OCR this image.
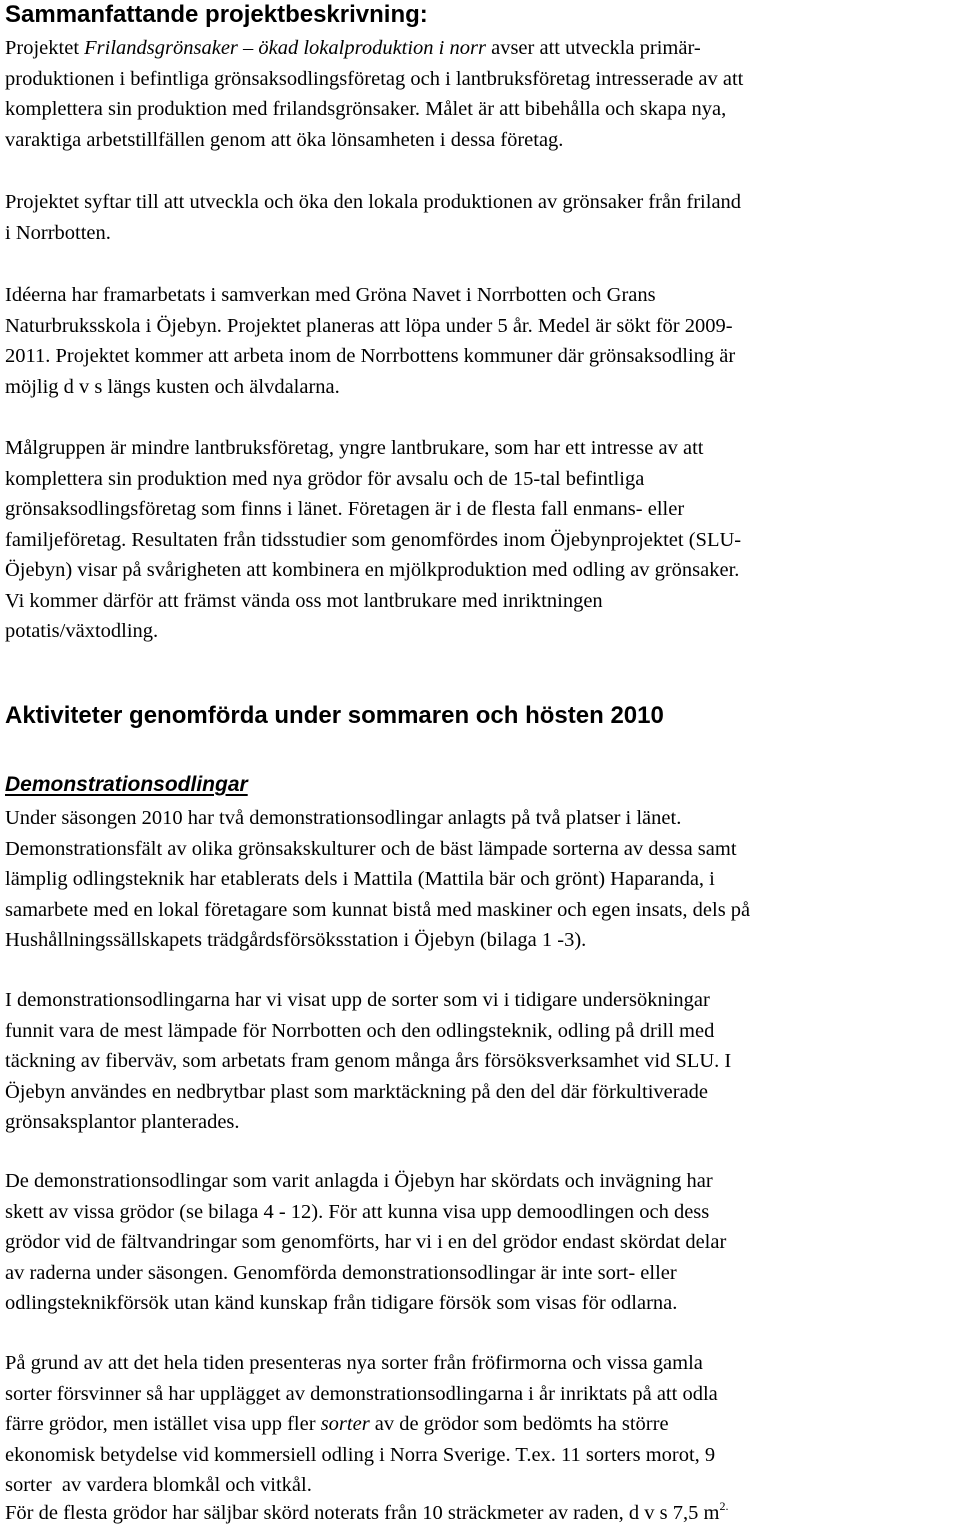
Sammanfattande projektbeskrivning:

Projektet Frilandsgrönsaker – ökad lokalproduktion i norr avser att utveckla primär-
produktionen i befintliga grönsaksodlingsföretag och i lantbruksföretag intresserade av att
komplettera sin produktion med frilandsgrönsaker. Målet är att bibehålla och skapa nya,
varaktiga arbetstillfällen genom att öka lönsamheten i dessa företag.

Projektet syftar till att utveckla och öka den lokala produktionen av grönsaker från friland
i Norrbotten.

Idéerna har framarbetats i samverkan med Gröna Navet i Norrbotten och Grans
Naturbruksskola i Öjebyn. Projektet planeras att löpa under 5 år. Medel är sökt för 2009-
2011. Projektet kommer att arbeta inom de Norrbottens kommuner där grönsaksodling är
möjlig d v s längs kusten och älvdalarna.

Målgruppen är mindre lantbruksföretag, yngre lantbrukare, som har ett intresse av att
komplettera sin produktion med nya grödor för avsalu och de 15-tal befintliga
grönsaksodlingsföretag som finns i länet. Företagen är i de flesta fall enmans- eller
familjeföretag. Resultaten från tidsstudier som genomfördes inom Öjebynprojektet (SLU-
Öjebyn) visar på svårigheten att kombinera en mjölkproduktion med odling av grönsaker.
Vi kommer därför att främst vända oss mot lantbrukare med inriktningen
potatis/växtodling.

Aktiviteter genomförda under sommaren och hösten 2010
Demonstrationsodlingar

Under säsongen 2010 har två demonstrationsodlingar anlagts på två platser i länet.
Demonstrationsfält av olika grönsakskulturer och de bäst lämpade sorterna av dessa samt
lämplig odlingsteknik har etablerats dels i Mattila (Mattila bär och grönt) Haparanda, i
samarbete med en lokal företagare som kunnat bistå med maskiner och egen insats, dels på
Hushållningssällskapets trädgårdsförsöksstation i Öjebyn (bilaga 1 -3).

I demonstrationsodlingarna har vi visat upp de sorter som vi i tidigare undersökningar
funnit vara de mest lämpade för Norrbotten och den odlingsteknik, odling på drill med
täckning av fiberväv, som arbetats fram genom många års försöksverksamhet vid SLU. I
Öjebyn användes en nedbrytbar plast som marktäckning på den del där förkultiverade
grönsaksplantor planterades.

De demonstrationsodlingar som varit anlagda i Öjebyn har skördats och invägning har
skett av vissa grödor (se bilaga 4 - 12). För att kunna visa upp demoodlingen och dess
grödor vid de fältvandringar som genomförts, har vi i en del grödor endast skördat delar
av raderna under säsongen. Genomförda demonstrationsodlingar är inte sort- eller
odlingsteknikförsök utan känd kunskap från tidigare försök som visas för odlarna.

På grund av att det hela tiden presenteras nya sorter från fröfirmorna och vissa gamla
sorter försvinner så har upplägget av demonstrationsodlingarna i år inriktats på att odla
färre grödor, men istället visa upp fler sorter av de grödor som bedömts ha större
ekonomisk betydelse vid kommersiell odling i Norra Sverige. T.ex. 11 sorters morot, 9
sorter  av vardera blomkål och vitkål.

För de flesta grödor har säljbar skörd noterats från 10 sträckmeter av raden, d v s 7,5 $m^{2.}$
